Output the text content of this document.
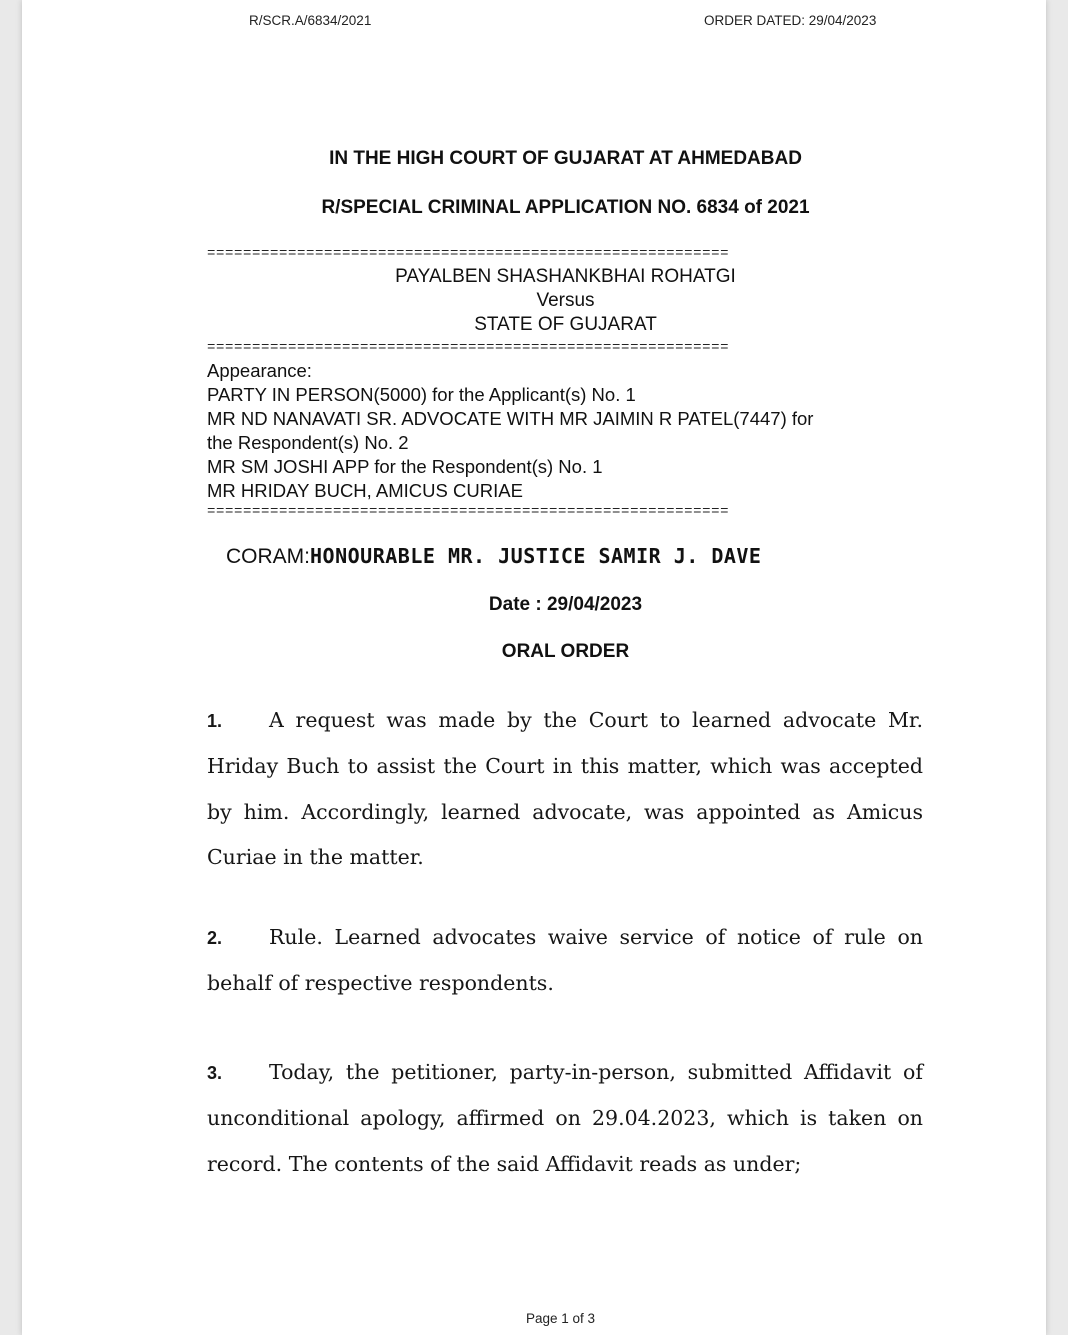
R/SCR.A/6834/2021	ORDER DATED: 29/04/2023
IN THE HIGH COURT OF GUJARAT AT AHMEDABAD
R/SPECIAL CRIMINAL APPLICATION NO. 6834 of 2021
==========================================================
PAYALBEN SHASHANKBHAI ROHATGI
Versus
STATE OF GUJARAT
==========================================================
Appearance:
PARTY IN PERSON(5000) for the Applicant(s) No. 1
MR ND NANAVATI SR. ADVOCATE WITH MR JAIMIN R PATEL(7447) for
the Respondent(s) No. 2
MR SM JOSHI APP for the Respondent(s) No. 1
MR HRIDAY BUCH, AMICUS CURIAE
==========================================================
CORAM:HONOURABLE MR. JUSTICE SAMIR J. DAVE
Date : 29/04/2023
ORAL ORDER
1. A request was made by the Court to learned advocate Mr. Hriday Buch to assist the Court in this matter, which was accepted by him. Accordingly, learned advocate, was appointed as Amicus Curiae in the matter.
2. Rule. Learned advocates waive service of notice of rule on behalf of respective respondents.
3. Today, the petitioner, party-in-person, submitted Affidavit of unconditional apology, affirmed on 29.04.2023, which is taken on record. The contents of the said Affidavit reads as under;
Page 1 of 3
